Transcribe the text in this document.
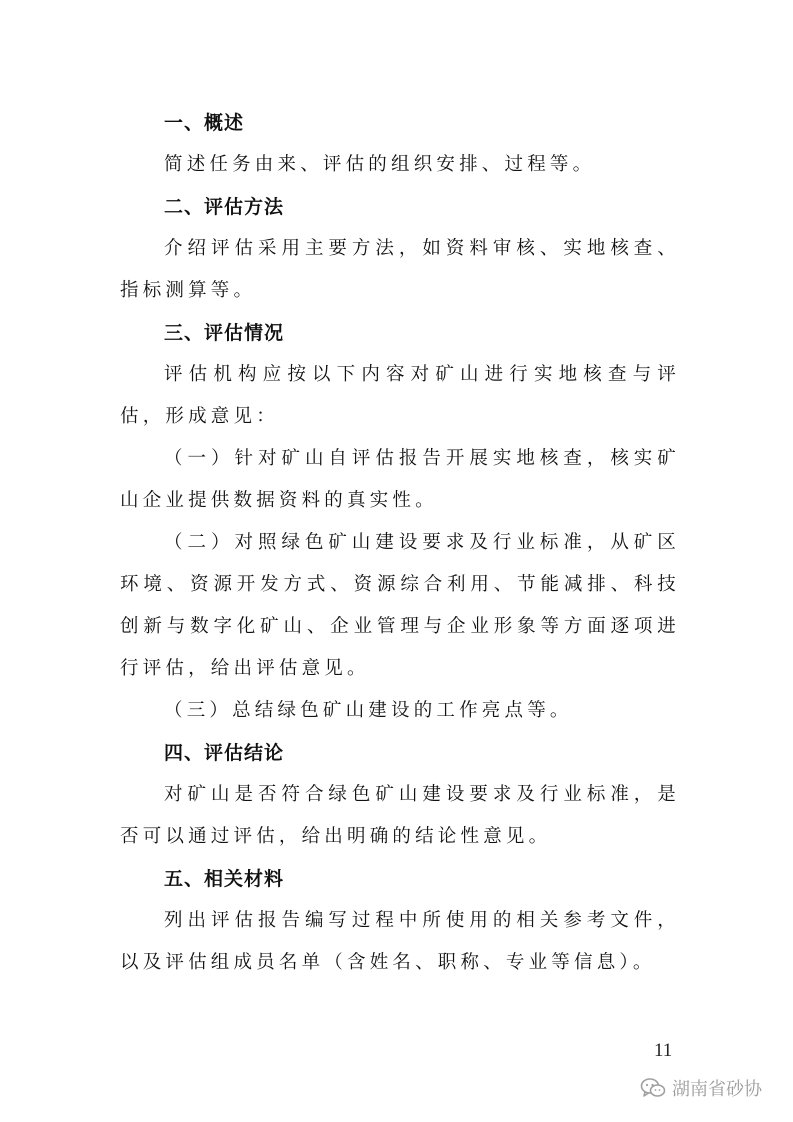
一、概述

简述任务由来、评估的组织安排、过程等。

二、评估方法

介绍评估采用主要方法，如资料审核、实地核查、指标测算等。

三、评估情况

评估机构应按以下内容对矿山进行实地核查与评估，形成意见：

（一）针对矿山自评估报告开展实地核查，核实矿山企业提供数据资料的真实性。

（二）对照绿色矿山建设要求及行业标准，从矿区环境、资源开发方式、资源综合利用、节能减排、科技创新与数字化矿山、企业管理与企业形象等方面逐项进行评估，给出评估意见。

（三）总结绿色矿山建设的工作亮点等。

四、评估结论

对矿山是否符合绿色矿山建设要求及行业标准，是否可以通过评估，给出明确的结论性意见。

五、相关材料

列出评估报告编写过程中所使用的相关参考文件，以及评估组成员名单（含姓名、职称、专业等信息）。

11
湖南省砂协
